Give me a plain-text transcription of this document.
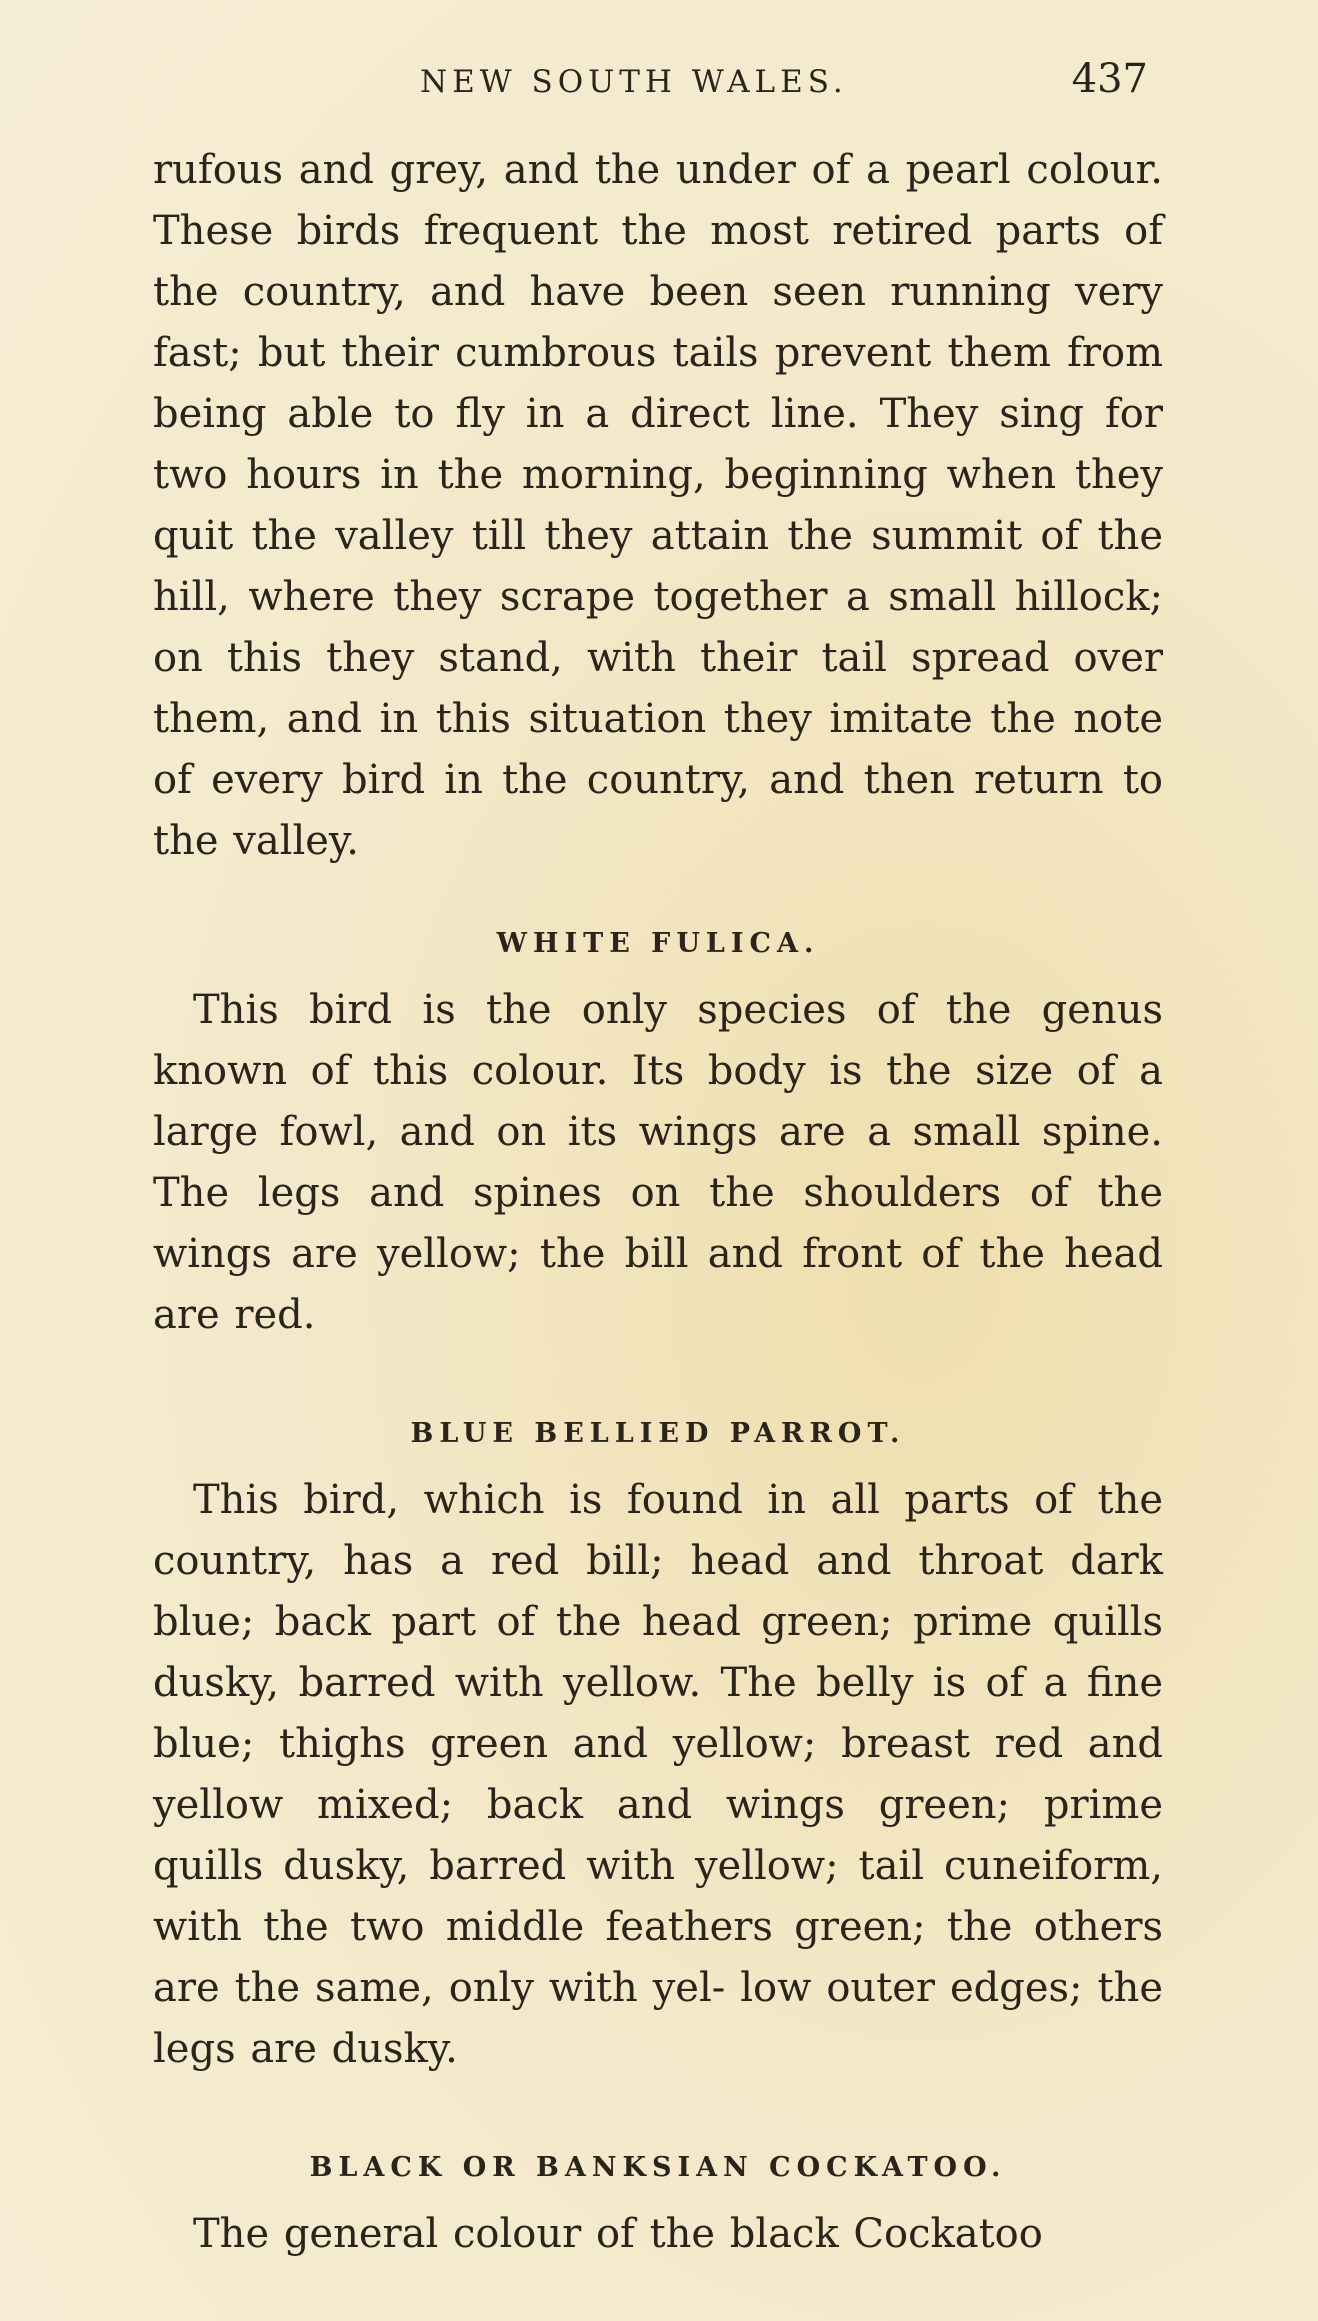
NEW SOUTH WALES.	437

rufous and grey, and the under of a pearl colour. These birds frequent the most retired parts of the country, and have been seen running very fast; but their cumbrous tails prevent them from being able to fly in a direct line. They sing for two hours in the morning, beginning when they quit the valley till they attain the summit of the hill, where they scrape together a small hillock; on this they stand, with their tail spread over them, and in this situation they imitate the note of every bird in the country, and then return to the valley.

WHITE FULICA.

This bird is the only species of the genus known of this colour. Its body is the size of a large fowl, and on its wings are a small spine. The legs and spines on the shoulders of the wings are yellow; the bill and front of the head are red.

BLUE BELLIED PARROT.

This bird, which is found in all parts of the country, has a red bill; head and throat dark blue; back part of the head green; prime quills dusky, barred with yellow. The belly is of a fine blue; thighs green and yellow; breast red and yellow mixed; back and wings green; prime quills dusky, barred with yellow; tail cuneiform, with the two middle feathers green; the others are the same, only with yel- low outer edges; the legs are dusky.

BLACK OR BANKSIAN COCKATOO.

The general colour of the black Cockatoo
